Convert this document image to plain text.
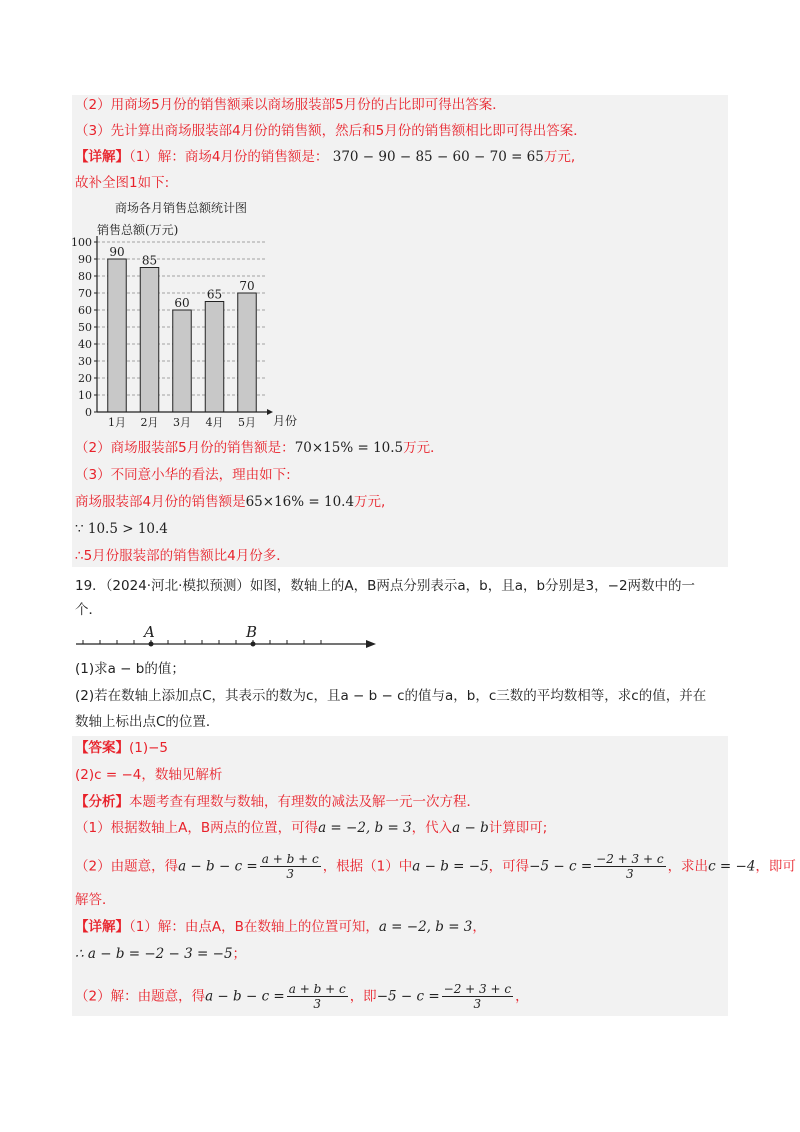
（2）用商场5月份的销售额乘以商场服装部5月份的占比即可得出答案．
（3）先计算出商场服装部4月份的销售额，然后和5月份的销售额相比即可得出答案．
【详解】（1）解：商场4月份的销售额是： 370 − 90 − 85 − 60 − 70 = 65万元,
故补全图1如下:
商场各月销售总额统计图
销售总额(万元)
月份
90
1月
85
2月
60
3月
65
4月
70
5月
0
10
20
30
40
50
60
70
80
90
100
（2）商场服装部5月份的销售额是：70×15% = 10.5万元．
（3）不同意小华的看法，理由如下:
商场服装部4月份的销售额是65×16% = 10.4万元,
∵ 10.5 > 10.4
∴5月份服装部的销售额比4月份多．
19．（2024·河北·模拟预测）如图，数轴上的A，B两点分别表示a，b，且a，b分别是3，−2两数中的一
个．
A	B
(1)求a − b的值；
(2)若在数轴上添加点C，其表示的数为c，且a − b − c的值与a，b，c三数的平均数相等，求c的值，并在
数轴上标出点C的位置．
【答案】(1)−5
(2)c = −4，数轴见解析
【分析】本题考查有理数与数轴，有理数的减法及解一元一次方程．
（1）根据数轴上A，B两点的位置，可得a = −2, b = 3，代入a − b计算即可;
（2）由题意，得$a - b - c = \frac{a + b + c}{3}$ ，根据（1）中a − b = −5，可得$-5 - c = \frac{-2 + 3 + c}{3}$ ，求出c = −4，即可
解答．
【详解】（1）解：由点A，B在数轴上的位置可知，a = −2, b = 3，
∴ a − b = −2 − 3 = −5；
（2）解：由题意，得$a - b - c = \frac{a + b + c}{3}$ ，即$-5 - c = \frac{-2 + 3 + c}{3}$ ，
